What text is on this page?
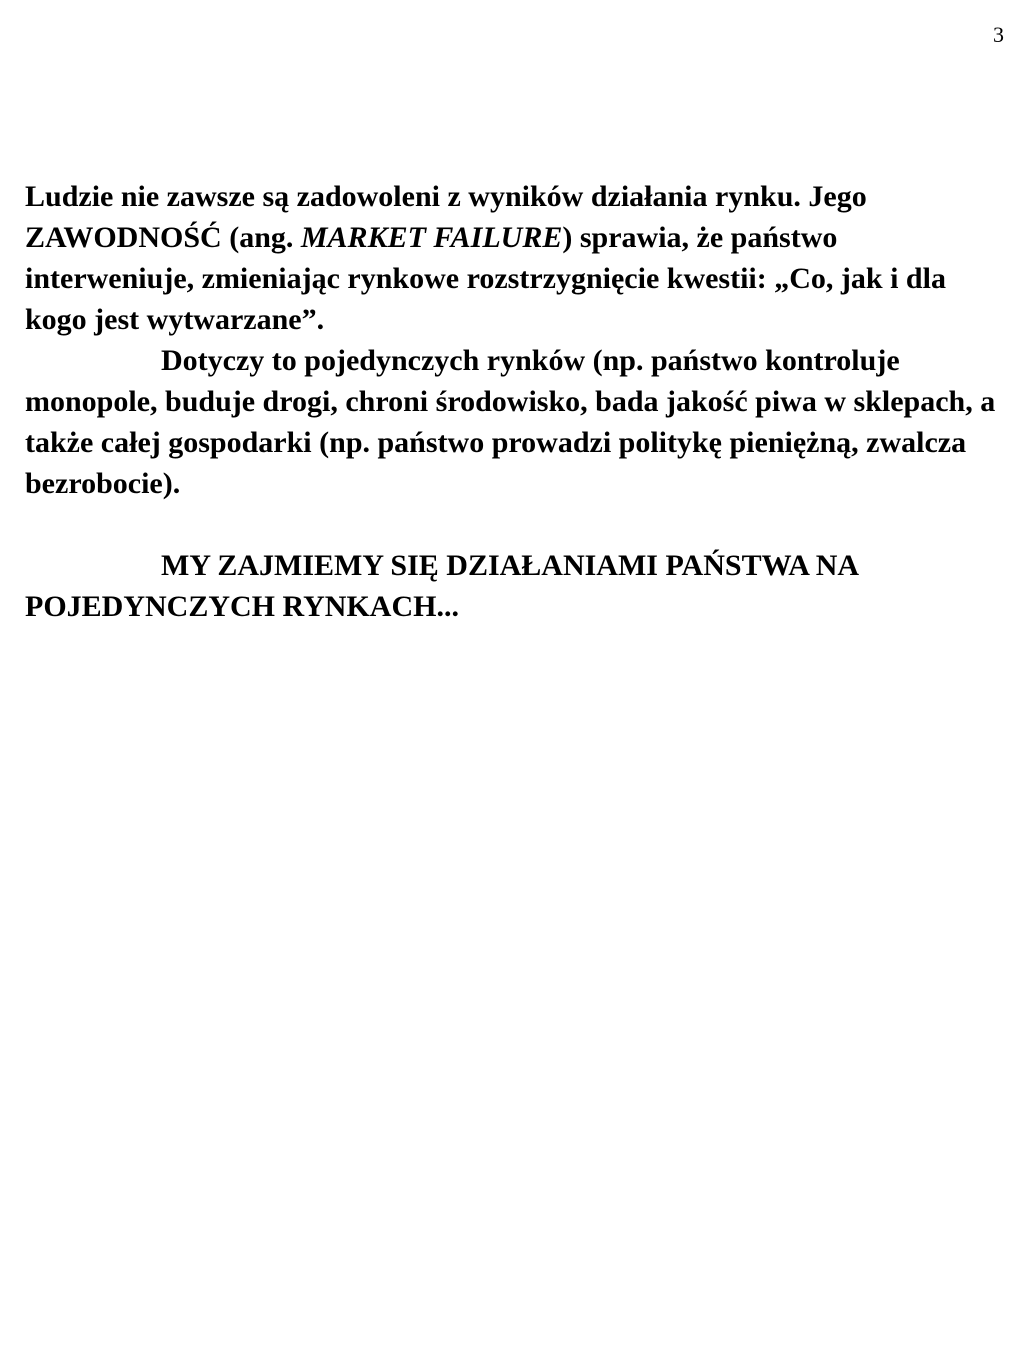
3

Ludzie nie zawsze są zadowoleni z wyników działania rynku. Jego ZAWODNOŚĆ (ang. MARKET FAILURE) sprawia, że państwo interweniuje, zmieniając rynkowe rozstrzygnięcie kwestii: „Co, jak i dla kogo jest wytwarzane”.

Dotyczy to pojedynczych rynków (np. państwo kontroluje monopole, buduje drogi, chroni środowisko, bada jakość piwa w sklepach, a także całej gospodarki (np. państwo prowadzi politykę pieniężną, zwalcza bezrobocie).

MY ZAJMIEMY SIĘ DZIAŁANIAMI PAŃSTWA NA POJEDYNCZYCH RYNKACH...
